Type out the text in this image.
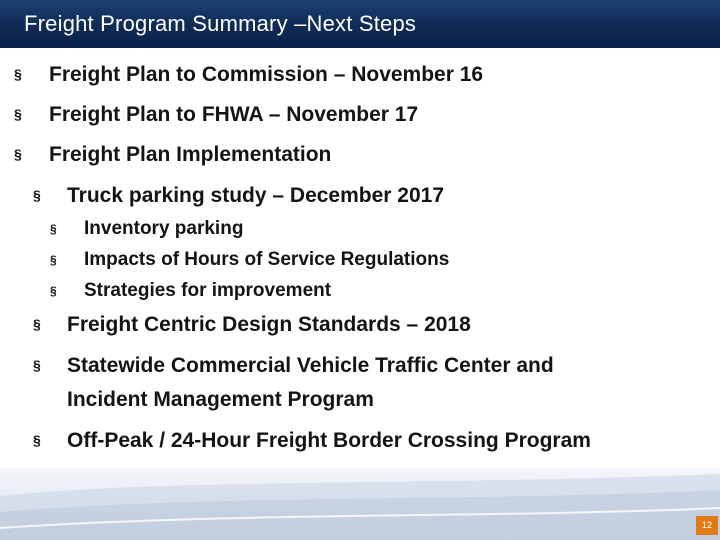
Freight Program Summary –Next Steps
§ Freight Plan to Commission – November 16
§ Freight Plan to FHWA – November 17
§ Freight Plan Implementation
§ Truck parking study – December 2017
§ Inventory parking
§ Impacts of Hours of Service Regulations
§ Strategies for improvement
§ Freight Centric Design Standards – 2018
§ Statewide Commercial Vehicle Traffic Center and
Incident Management Program
§ Off-Peak / 24-Hour Freight Border Crossing Program
12
